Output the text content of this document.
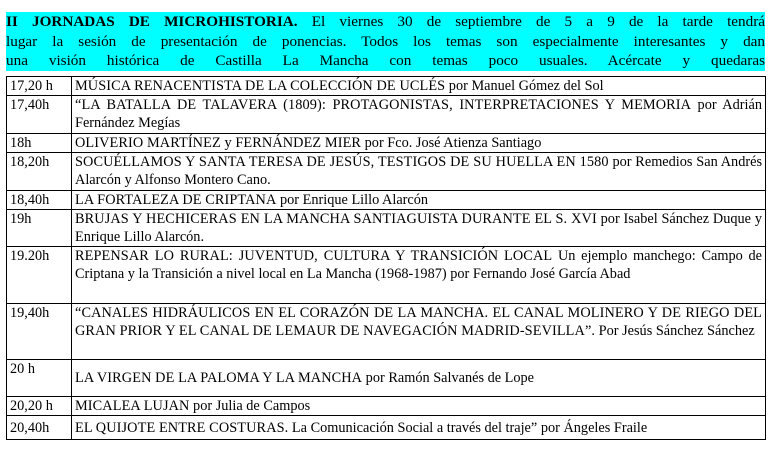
II JORNADAS DE MICROHISTORIA. El viernes 30 de septiembre de 5 a 9 de la tarde tendrá
lugar la sesión de presentación de ponencias. Todos los temas son especialmente interesantes y dan
una visión histórica de Castilla La Mancha con temas poco usuales. Acércate y quedaras
17,20 h	MÚSICA RENACENTISTA DE LA COLECCIÓN DE UCLÉS por Manuel Gómez del Sol
17,40h	“LA BATALLA DE TALAVERA (1809): PROTAGONISTAS, INTERPRETACIONES Y MEMORIA por Adrián Fernández Megías
18h	OLIVERIO MARTÍNEZ y FERNÁNDEZ MIER por Fco. José Atienza Santiago
18,20h	SOCUÉLLAMOS Y SANTA TERESA DE JESÚS, TESTIGOS DE SU HUELLA EN 1580 por Remedios San Andrés Alarcón y Alfonso Montero Cano.
18,40h	LA FORTALEZA DE CRIPTANA por Enrique Lillo Alarcón
19h	BRUJAS Y HECHICERAS EN LA MANCHA SANTIAGUISTA DURANTE EL S. XVI por Isabel Sánchez Duque y Enrique Lillo Alarcón.
19.20h	REPENSAR LO RURAL: JUVENTUD, CULTURA Y TRANSICIÓN LOCAL Un ejemplo manchego: Campo de Criptana y la Transición a nivel local en La Mancha (1968-1987) por Fernando José García Abad
19,40h	“CANALES HIDRÁULICOS EN EL CORAZÓN DE LA MANCHA. EL CANAL MOLINERO Y DE RIEGO DEL GRAN PRIOR Y EL CANAL DE LEMAUR DE NAVEGACIÓN MADRID-SEVILLA”. Por Jesús Sánchez Sánchez
20 h	LA VIRGEN DE LA PALOMA Y LA MANCHA por Ramón Salvanés de Lope
20,20 h	MICALEA LUJAN por Julia de Campos
20,40h	EL QUIJOTE ENTRE COSTURAS. La Comunicación Social a través del traje” por Ángeles Fraile
